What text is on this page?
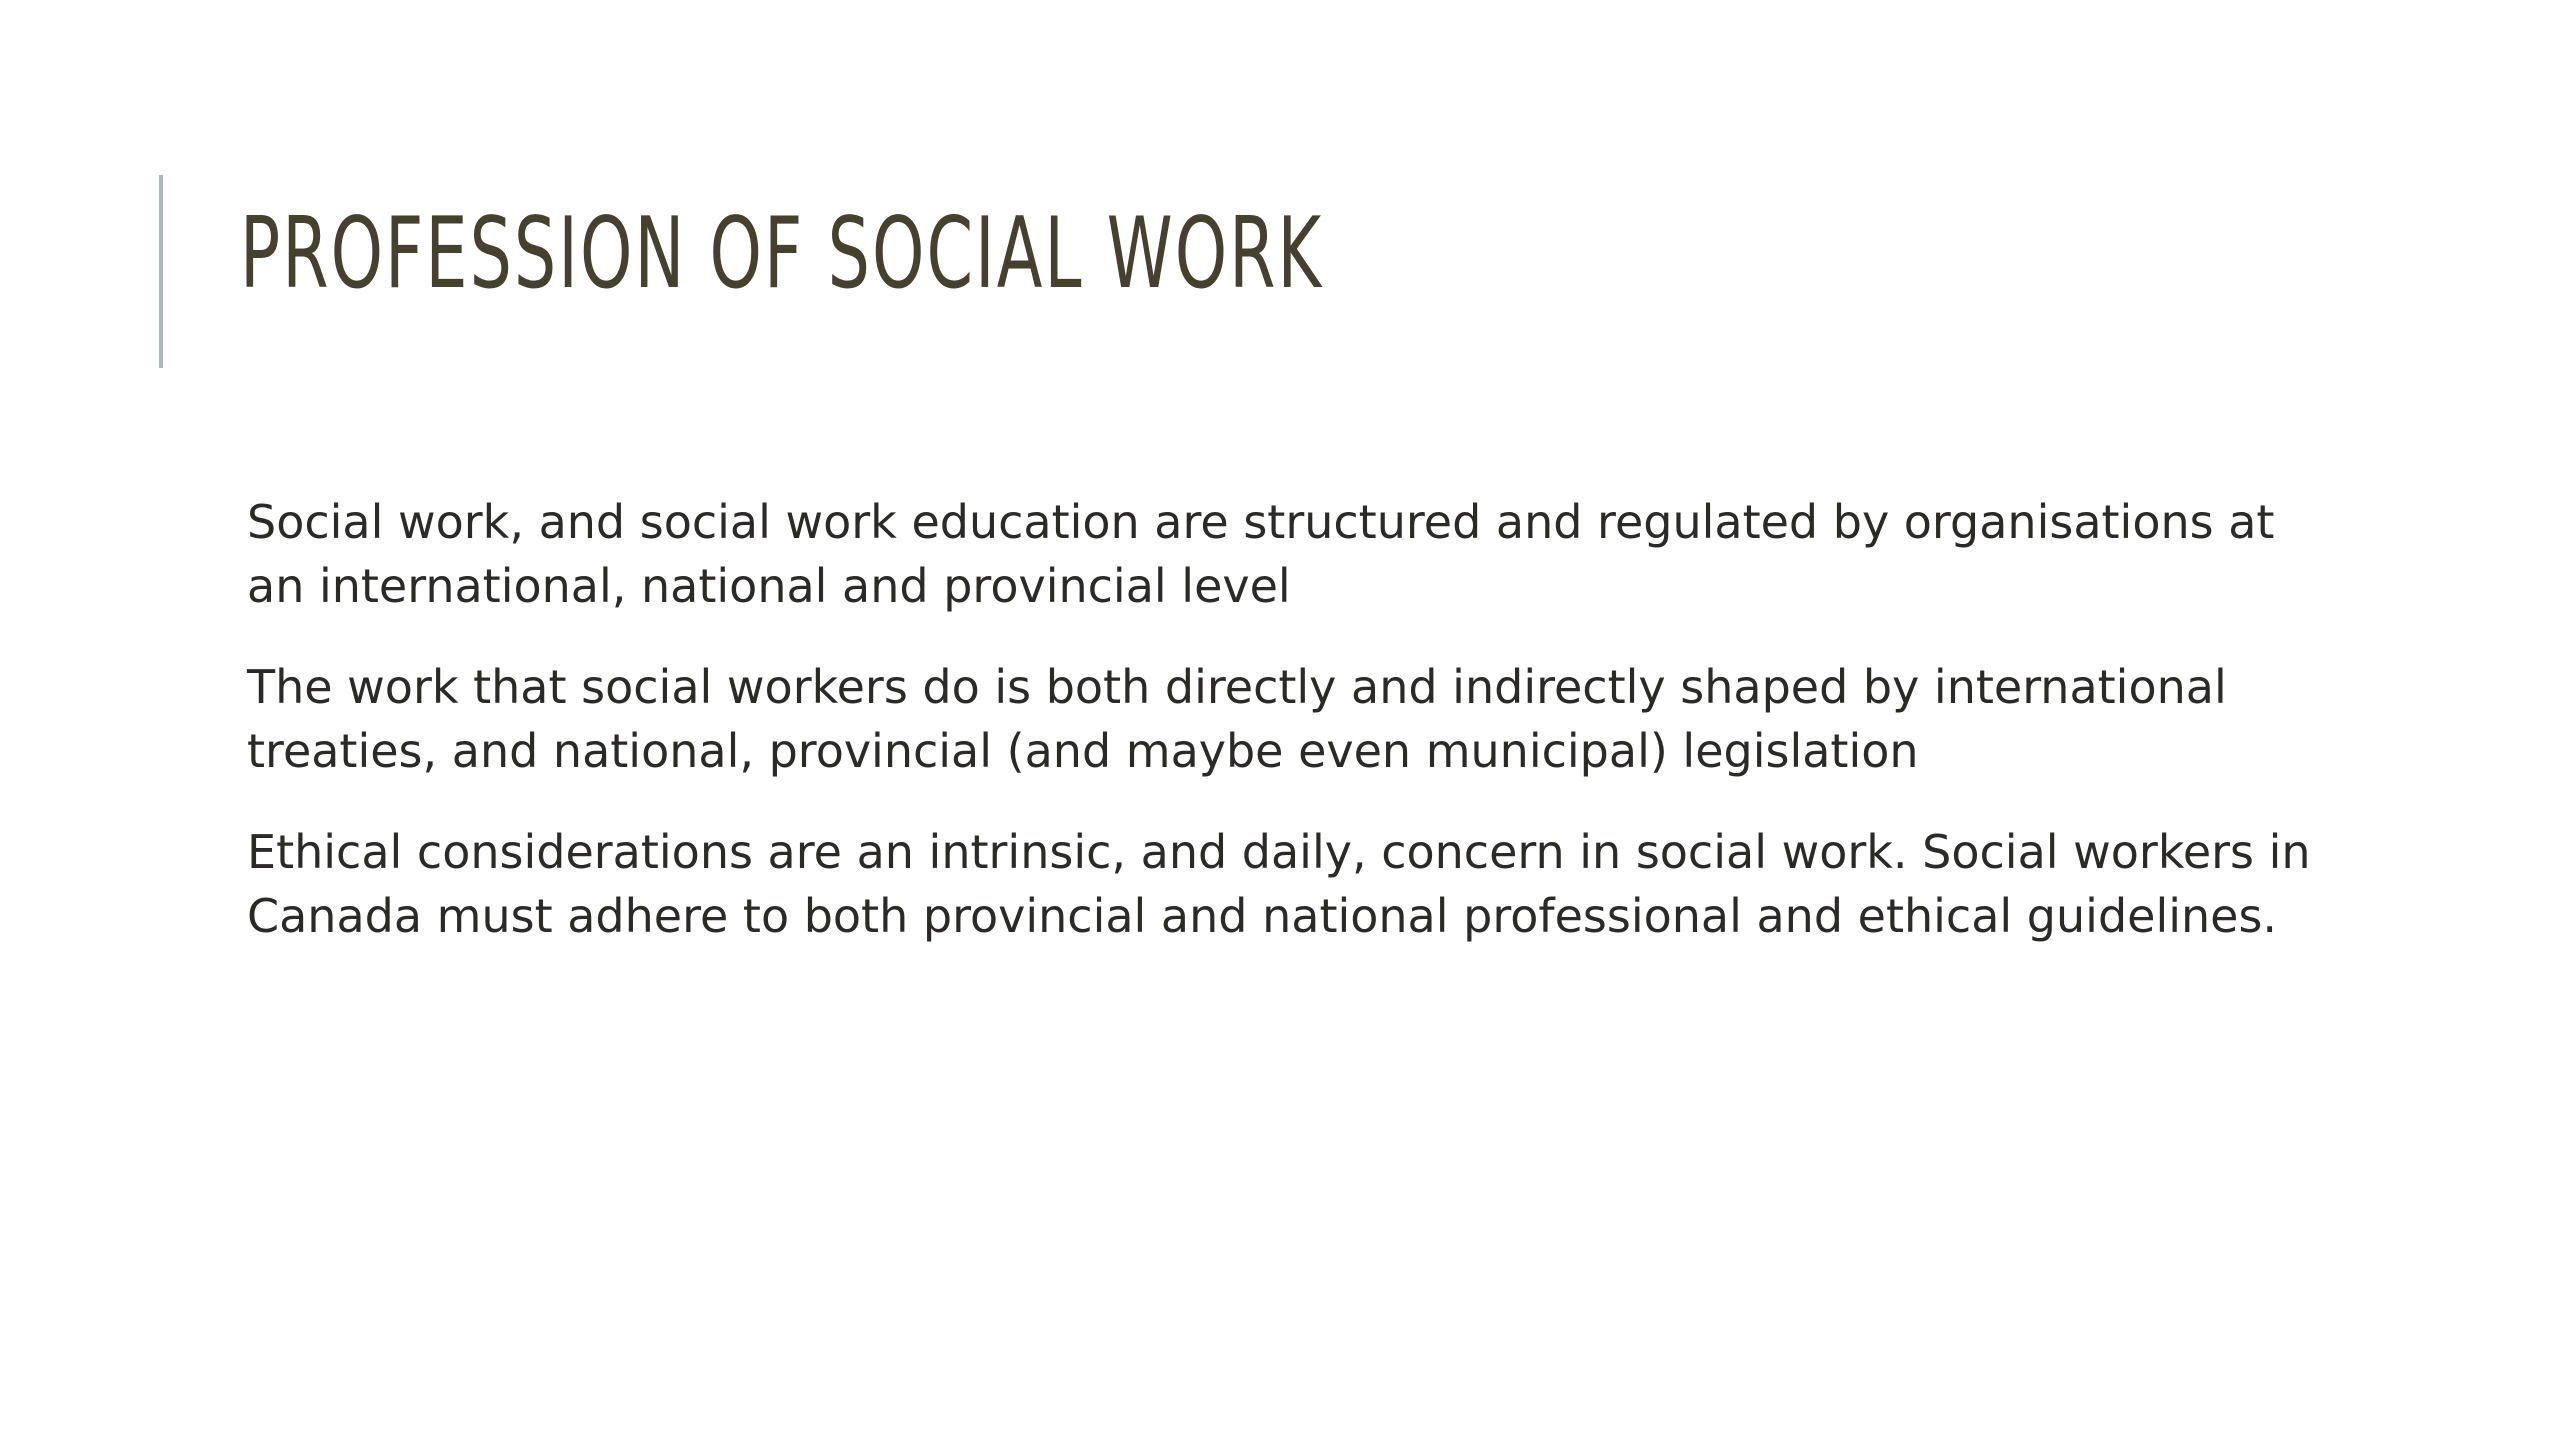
PROFESSION OF SOCIAL WORK

Social work, and social work education are structured and regulated by organisations at an international, national and provincial level

The work that social workers do is both directly and indirectly shaped by international treaties, and national, provincial (and maybe even municipal) legislation

Ethical considerations are an intrinsic, and daily, concern in social work. Social workers in Canada must adhere to both provincial and national professional and ethical guidelines.
